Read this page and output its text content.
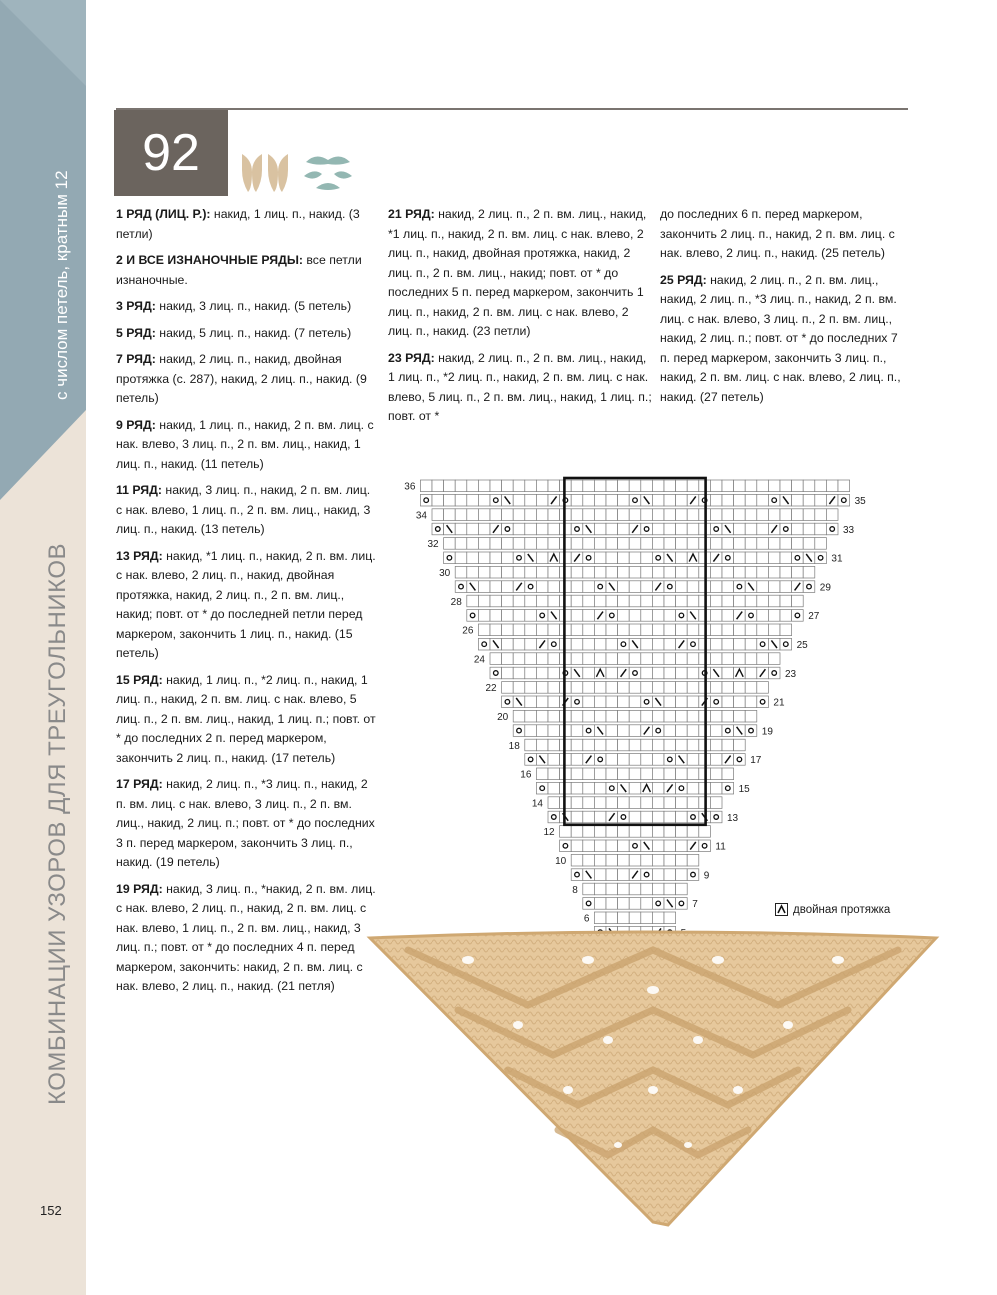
с числом петель, кратным 12
КОМБИНАЦИИ УЗОРОВ ДЛЯ ТРЕУГОЛЬНИКОВ
152
92

1 РЯД (ЛИЦ. Р.): накид, 1 лиц. п., накид. (3 петли)

2 И ВСЕ ИЗНАНОЧНЫЕ РЯДЫ: все петли изнаночные.

3 РЯД: накид, 3 лиц. п., накид. (5 петель)

5 РЯД: накид, 5 лиц. п., накид. (7 петель)

7 РЯД: накид, 2 лиц. п., накид, двойная протяжка (с. 287), накид, 2 лиц. п., накид. (9 петель)

9 РЯД: накид, 1 лиц. п., накид, 2 п. вм. лиц. с нак. влево, 3 лиц. п., 2 п. вм. лиц., накид, 1 лиц. п., накид. (11 петель)

11 РЯД: накид, 3 лиц. п., накид, 2 п. вм. лиц. с нак. влево, 1 лиц. п., 2 п. вм. лиц., накид, 3 лиц. п., накид. (13 петель)

13 РЯД: накид, *1 лиц. п., накид, 2 п. вм. лиц. с нак. влево, 2 лиц. п., накид, двойная протяжка, накид, 2 лиц. п., 2 п. вм. лиц., накид; повт. от * до последней петли перед маркером, закончить 1 лиц. п., накид. (15 петель)

15 РЯД: накид, 1 лиц. п., *2 лиц. п., накид, 1 лиц. п., накид, 2 п. вм. лиц. с нак. влево, 5 лиц. п., 2 п. вм. лиц., накид, 1 лиц. п.; повт. от * до последних 2 п. перед маркером, закончить 2 лиц. п., накид. (17 петель)

17 РЯД: накид, 2 лиц. п., *3 лиц. п., накид, 2 п. вм. лиц. с нак. влево, 3 лиц. п., 2 п. вм. лиц., накид, 2 лиц. п.; повт. от * до последних 3 п. перед маркером, закончить 3 лиц. п., накид. (19 петель)

19 РЯД: накид, 3 лиц. п., *накид, 2 п. вм. лиц. с нак. влево, 2 лиц. п., накид, 2 п. вм. лиц. с нак. влево, 1 лиц. п., 2 п. вм. лиц., накид, 3 лиц. п.; повт. от * до последних 4 п. перед маркером, закончить: накид, 2 п. вм. лиц. с нак. влево, 2 лиц. п., накид. (21 петля)

21 РЯД: накид, 2 лиц. п., 2 п. вм. лиц., накид, *1 лиц. п., накид, 2 п. вм. лиц. с нак. влево, 2 лиц. п., накид, двойная протяжка, накид, 2 лиц. п., 2 п. вм. лиц., накид; повт. от * до последних 5 п. перед маркером, закончить 1 лиц. п., накид, 2 п. вм. лиц. с нак. влево, 2 лиц. п., накид. (23 петли)

23 РЯД: накид, 2 лиц. п., 2 п. вм. лиц., накид, 1 лиц. п., *2 лиц. п., накид, 2 п. вм. лиц. с нак. влево, 5 лиц. п., 2 п. вм. лиц., накид, 1 лиц. п.; повт. от *

до последних 6 п. перед маркером, закончить 2 лиц. п., накид, 2 п. вм. лиц. с нак. влево, 2 лиц. п., накид. (25 петель)

25 РЯД: накид, 2 лиц. п., 2 п. вм. лиц., накид, 2 лиц. п., *3 лиц. п., накид, 2 п. вм. лиц. с нак. влево, 3 лиц. п., 2 п. вм. лиц., накид, 2 лиц. п.; повт. от * до последних 7 п. перед маркером, закончить 3 лиц. п., накид, 2 п. вм. лиц. с нак. влево, 2 лиц. п., накид. (27 петель)

6
7
8
9
10
11
12
13
14
15
16
17
18
19
20
21
22
23
24
25
26
27
28
29
30
31
32
33
34
35
36
двойная протяжка
